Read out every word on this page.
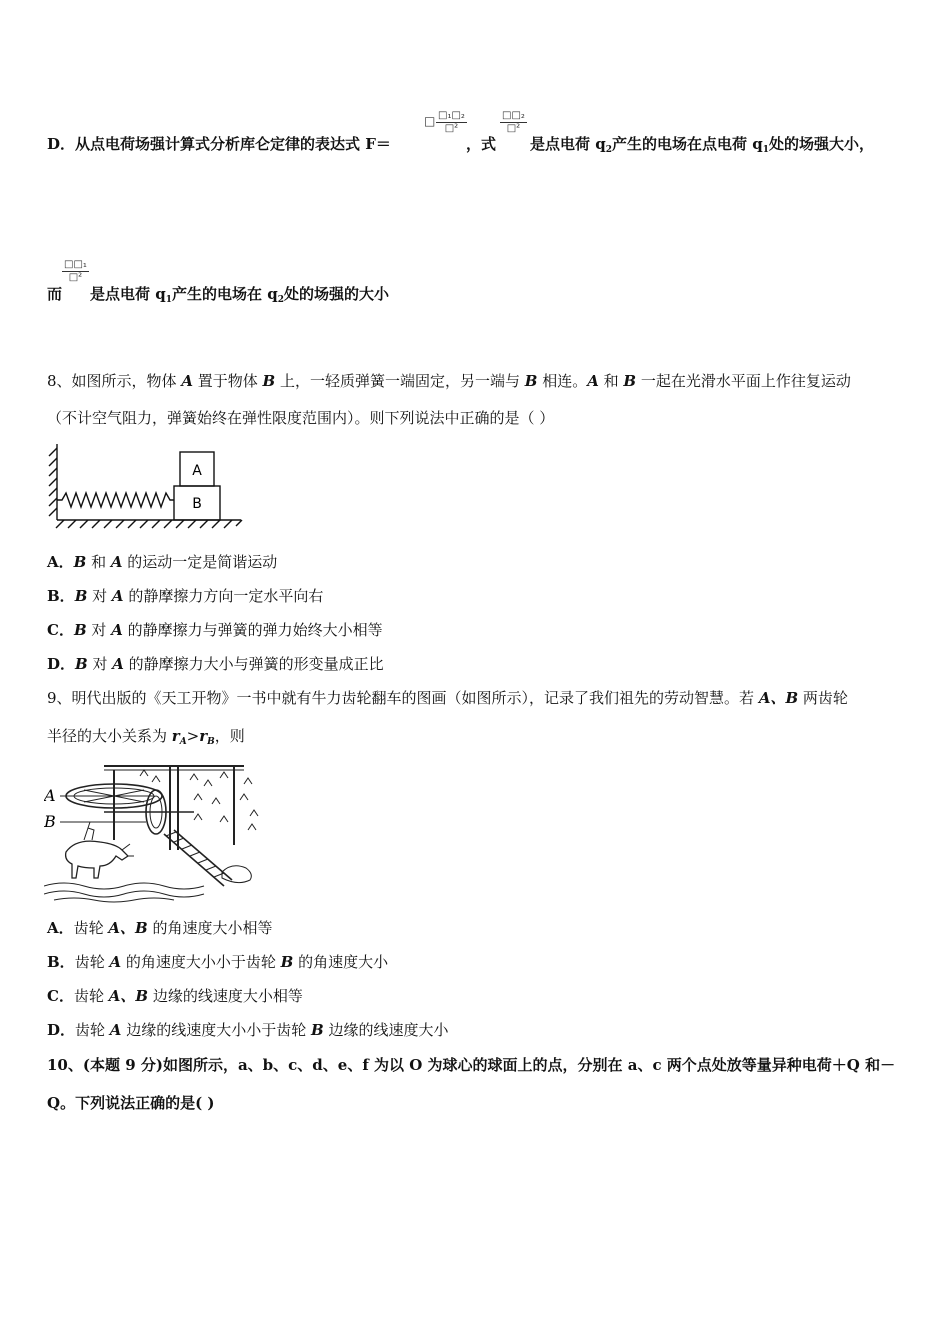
D．从点电荷场强计算式分析库仑定律的表达式 F＝
□ □₁□₂
□²
，式
□□₂
□²
是点电荷 $q_2$产生的电场在点电荷 $q_1$处的场强大小，
而
□□₁
□²
是点电荷 $q_1$产生的电场在 $q_2$处的场强的大小
8、如图所示，物体 A 置于物体 B 上，一轻质弹簧一端固定，另一端与 B 相连。A 和 B 一起在光滑水平面上作往复运动
（不计空气阻力，弹簧始终在弹性限度范围内）。则下列说法中正确的是（ ）
A
B
A．B 和 A 的运动一定是简谐运动
B．B 对 A 的静摩擦力方向一定水平向右
C．B 对 A 的静摩擦力与弹簧的弹力始终大小相等
D．B 对 A 的静摩擦力大小与弹簧的形变量成正比
9、明代出版的《天工开物》一书中就有牛力齿轮翻车的图画（如图所示），记录了我们祖先的劳动智慧。若 A、B 两齿轮
半径的大小关系为 $r_A>r_B$，则
A
B
A．齿轮 A、B 的角速度大小相等
B．齿轮 A 的角速度大小小于齿轮 B 的角速度大小
C．齿轮 A、B 边缘的线速度大小相等
D．齿轮 A 边缘的线速度大小小于齿轮 B 边缘的线速度大小
10、(本题 9 分)如图所示，a、b、c、d、e、f 为以 O 为球心的球面上的点，分别在 a、c 两个点处放等量异种电荷＋Q 和－
Q。下列说法正确的是( )
